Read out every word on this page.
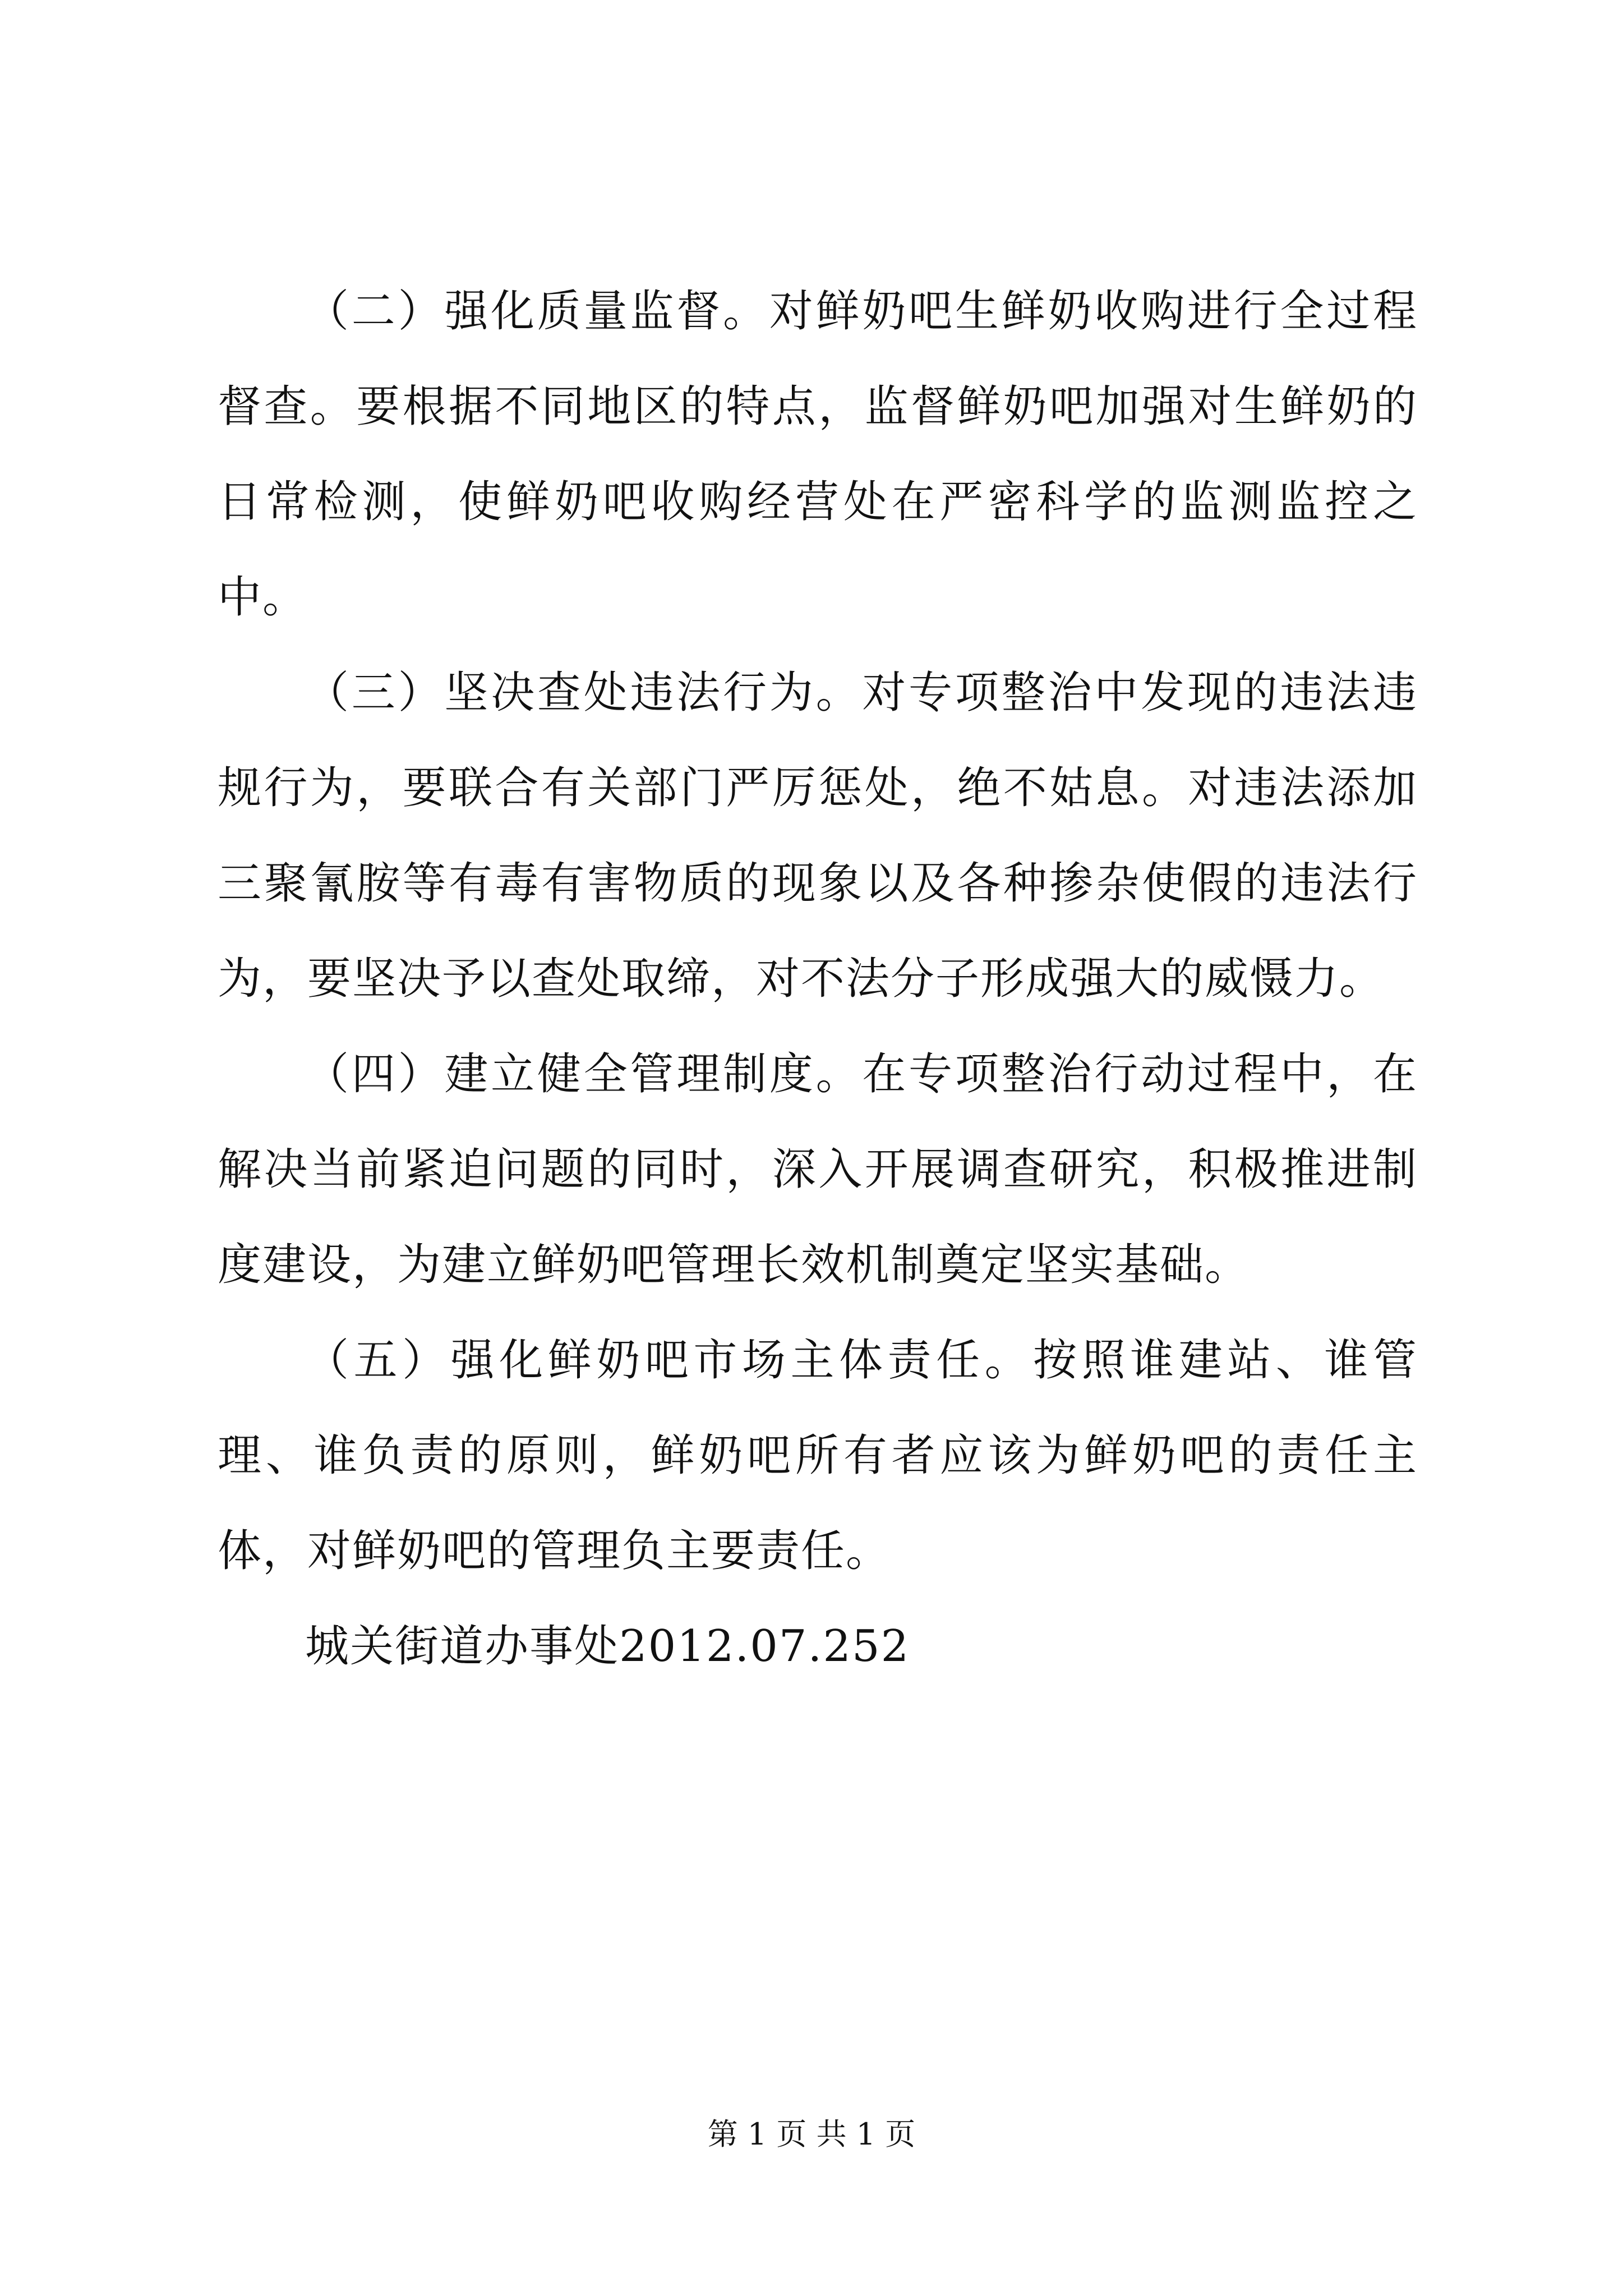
（二）强化质量监督。对鲜奶吧生鲜奶收购进行全过程督查。要根据不同地区的特点，监督鲜奶吧加强对生鲜奶的日常检测，使鲜奶吧收购经营处在严密科学的监测监控之中。

（三）坚决查处违法行为。对专项整治中发现的违法违规行为，要联合有关部门严厉惩处，绝不姑息。对违法添加三聚氰胺等有毒有害物质的现象以及各种掺杂使假的违法行为，要坚决予以查处取缔，对不法分子形成强大的威慑力。

（四）建立健全管理制度。在专项整治行动过程中，在解决当前紧迫问题的同时，深入开展调查研究，积极推进制度建设，为建立鲜奶吧管理长效机制奠定坚实基础。

（五）强化鲜奶吧市场主体责任。按照谁建站、谁管理、谁负责的原则，鲜奶吧所有者应该为鲜奶吧的责任主体，对鲜奶吧的管理负主要责任。

城关街道办事处2012.07.252

第 1 页 共 1 页
